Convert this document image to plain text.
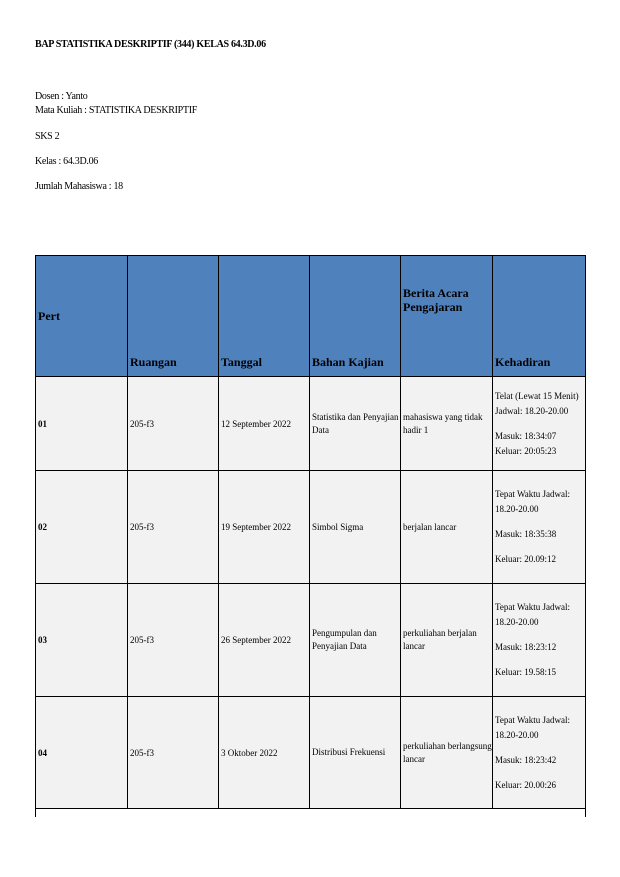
BAP STATISTIKA DESKRIPTIF (344) KELAS 64.3D.06
Dosen : Yanto
Mata Kuliah : STATISTIKA DESKRIPTIF
SKS 2
Kelas : 64.3D.06
Jumlah Mahasiswa : 18
Pert	Ruangan	Tanggal	Bahan Kajian	Berita Acara Pengajaran	Kehadiran
01	205-f3	12 September 2022	Statistika dan Penyajian Data	mahasiswa yang tidak hadir 1	Telat (Lewat 15 Menit) Jadwal: 18.20-20.00
Masuk: 18:34:07
Keluar: 20:05:23

02	205-f3	19 September 2022	Simbol Sigma	berjalan lancar	Tepat Waktu Jadwal: 18.20-20.00
Masuk: 18:35:38
Keluar: 20.09:12

03	205-f3	26 September 2022	Pengumpulan dan Penyajian Data	perkuliahan berjalan lancar	Tepat Waktu Jadwal: 18.20-20.00
Masuk: 18:23:12
Keluar: 19.58:15

04	205-f3	3 Oktober 2022	Distribusi Frekuensi	perkuliahan berlangsung lancar	Tepat Waktu Jadwal: 18.20-20.00
Masuk: 18:23:42
Keluar: 20.00:26
